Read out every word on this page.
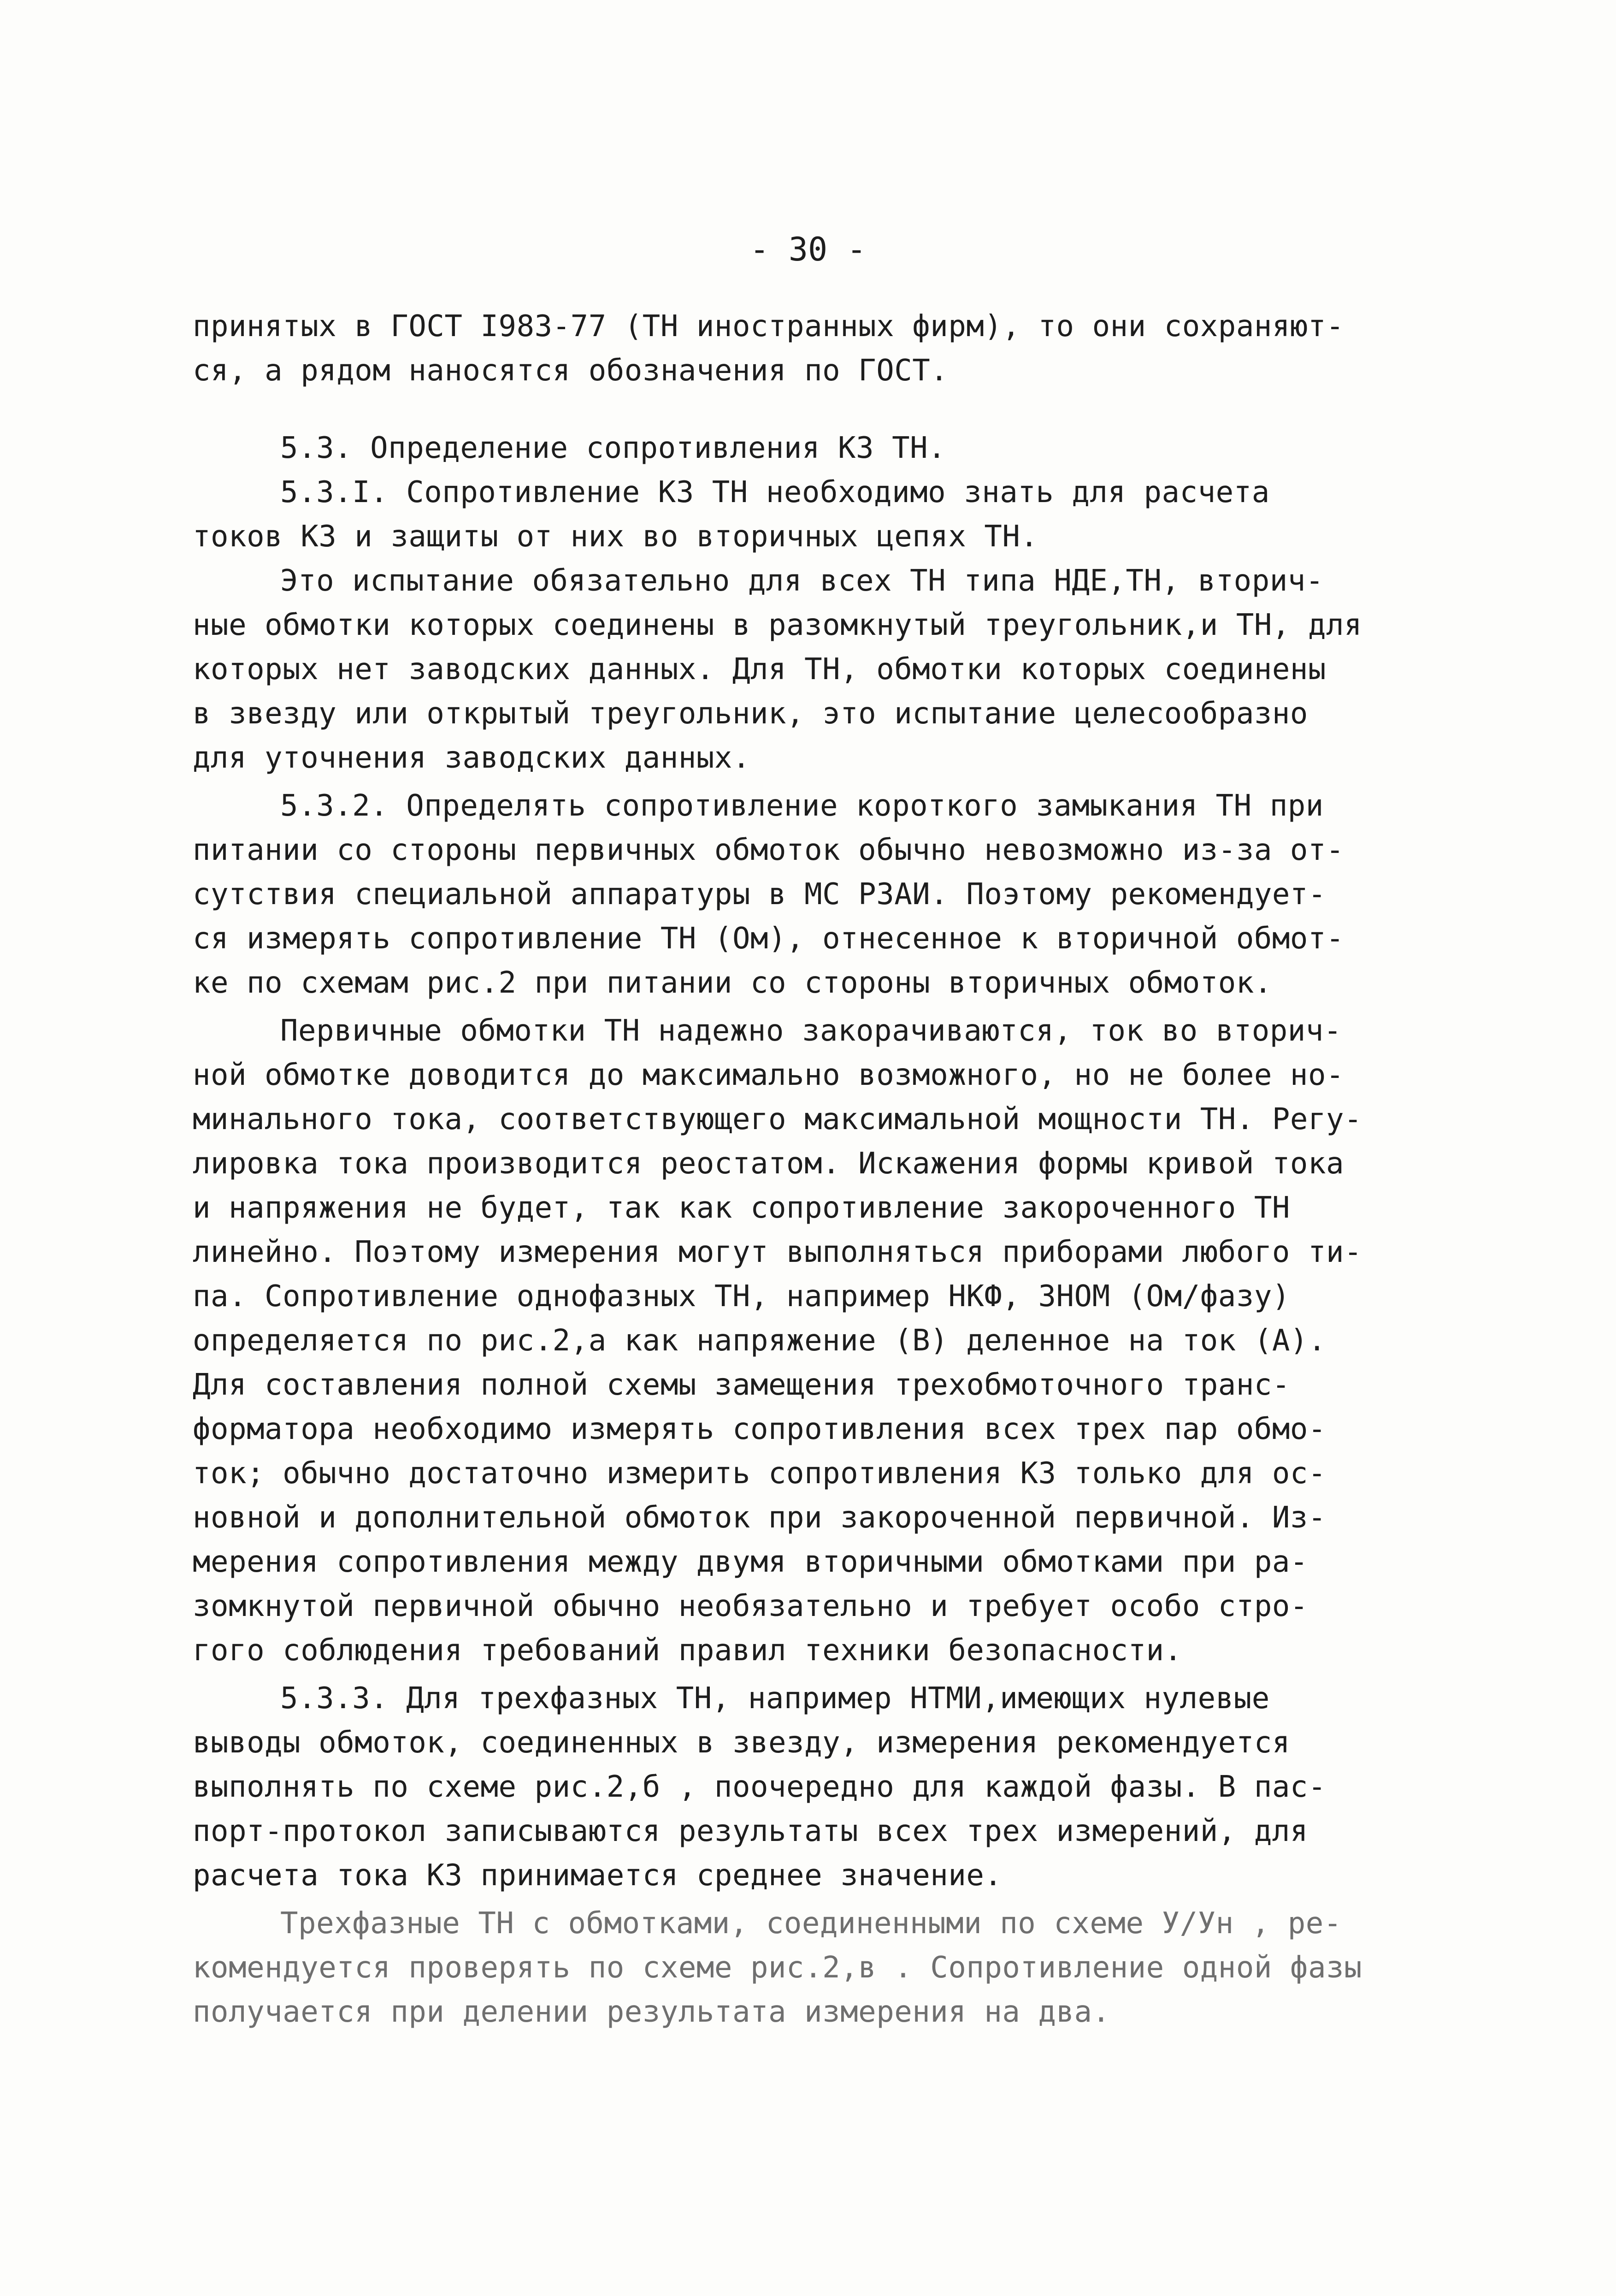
- 30 -
принятых в ГОСТ I983-77 (ТН иностранных фирм), то они сохраняют-
ся, а рядом наносятся обозначения по ГОСТ.
5.3. Определение сопротивления КЗ ТН.
5.3.I. Сопротивление КЗ ТН необходимо знать для расчета
токов КЗ и защиты от них во вторичных цепях ТН.
Это испытание обязательно для всех ТН типа НДЕ,ТН, вторич-
ные обмотки которых соединены в разомкнутый треугольник,и ТН, для
которых нет заводских данных. Для ТН, обмотки которых соединены
в звезду или открытый треугольник, это испытание целесообразно
для уточнения заводских данных.
5.3.2. Определять сопротивление короткого замыкания ТН при
питании со стороны первичных обмоток обычно невозможно из-за от-
сутствия специальной аппаратуры в МС РЗАИ. Поэтому рекомендует-
ся измерять сопротивление ТН (Ом), отнесенное к вторичной обмот-
ке по схемам рис.2 при питании со стороны вторичных обмоток.
Первичные обмотки ТН надежно закорачиваются, ток во вторич-
ной обмотке доводится до максимально возможного, но не более но-
минального тока, соответствующего максимальной мощности ТН. Регу-
лировка тока производится реостатом. Искажения формы кривой тока
и напряжения не будет, так как сопротивление закороченного ТН
линейно. Поэтому измерения могут выполняться приборами любого ти-
па. Сопротивление однофазных ТН, например НКФ, ЗНОМ (Ом/фазу)
определяется по рис.2,а как напряжение (В) деленное на ток (А).
Для составления полной схемы замещения трехобмоточного транс-
форматора необходимо измерять сопротивления всех трех пар обмо-
ток; обычно достаточно измерить сопротивления КЗ только для ос-
новной и дополнительной обмоток при закороченной первичной. Из-
мерения сопротивления между двумя вторичными обмотками при ра-
зомкнутой первичной обычно необязательно и требует особо стро-
гого соблюдения требований правил техники безопасности.
5.3.3. Для трехфазных ТН, например НТМИ,имеющих нулевые
выводы обмоток, соединенных в звезду, измерения рекомендуется
выполнять по схеме рис.2,б , поочередно для каждой фазы. В пас-
порт-протокол записываются результаты всех трех измерений, для
расчета тока КЗ принимается среднее значение.
Трехфазные ТН с обмотками, соединенными по схеме У/Ун , ре-
комендуется проверять по схеме рис.2,в . Сопротивление одной фазы
получается при делении результата измерения на два.
